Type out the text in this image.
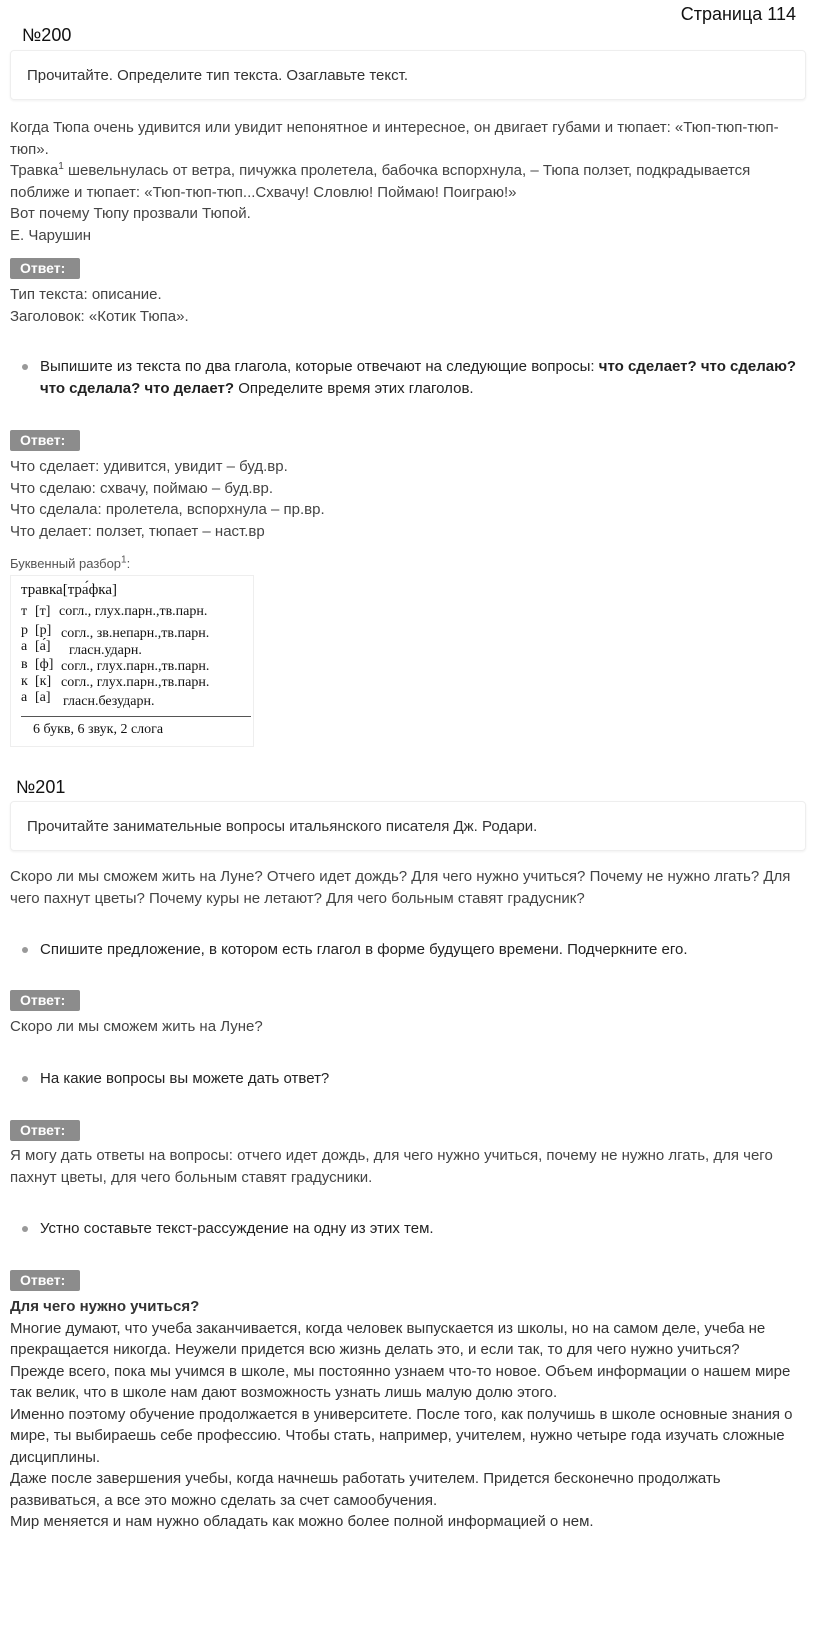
Страница 114
№200
Прочитайте. Определите тип текста. Озаглавьте текст.

Когда Тюпа очень удивится или увидит непонятное и интересное, он двигает губами и тюпает: «Тюп-тюп-тюп-тюп».

Травка$^1$ шевельнулась от ветра, пичужка пролетела, бабочка вспорхнула, – Тюпа ползет, подкрадывается поближе и тюпает: «Тюп-тюп-тюп...Схвачу! Словлю! Поймаю! Поиграю!»

Вот почему Тюпу прозвали Тюпой.

Е. Чарушин

Ответ:

Тип текста: описание.

Заголовок: «Котик Тюпа».

Выпишите из текста по два глагола, которые отвечают на следующие вопросы: что сделает? что сделаю? что сделала? что делает? Определите время этих глаголов.
Ответ:

Что сделает: удивится, увидит – буд.вр.

Что сделаю: схвачу, поймаю – буд.вр.

Что сделала: пролетела, вспорхнула – пр.вр.

Что делает: ползет, тюпает – наст.вр

Буквенный разбор$^1$:
травка[тра́фка]
т [т] согл., глух.парн.,тв.парн.
р [р] согл., зв.непарн.,тв.парн.
а [а́] гласн.ударн.
в [ф] согл., глух.парн.,тв.парн.
к [к] согл., глух.парн.,тв.парн.
а [а] гласн.безударн.
6 букв, 6 звук, 2 слога
№201
Прочитайте занимательные вопросы итальянского писателя Дж. Родари.

Скоро ли мы сможем жить на Луне? Отчего идет дождь? Для чего нужно учиться? Почему не нужно лгать? Для чего пахнут цветы? Почему куры не летают? Для чего больным ставят градусник?

Спишите предложение, в котором есть глагол в форме будущего времени. Подчеркните его.
Ответ:

Скоро ли мы сможем жить на Луне?

На какие вопросы вы можете дать ответ?
Ответ:

Я могу дать ответы на вопросы: отчего идет дождь, для чего нужно учиться, почему не нужно лгать, для чего пахнут цветы, для чего больным ставят градусники.

Устно составьте текст-рассуждение на одну из этих тем.
Ответ:

Для чего нужно учиться?

Многие думают, что учеба заканчивается, когда человек выпускается из школы, но на самом деле, учеба не прекращается никогда. Неужели придется всю жизнь делать это, и если так, то для чего нужно учиться?

Прежде всего, пока мы учимся в школе, мы постоянно узнаем что-то новое. Объем информации о нашем мире так велик, что в школе нам дают возможность узнать лишь малую долю этого.

Именно поэтому обучение продолжается в университете. После того, как получишь в школе основные знания о мире, ты выбираешь себе профессию. Чтобы стать, например, учителем, нужно четыре года изучать сложные дисциплины.

Даже после завершения учебы, когда начнешь работать учителем. Придется бесконечно продолжать развиваться, а все это можно сделать за счет самообучения.

Мир меняется и нам нужно обладать как можно более полной информацией о нем.
